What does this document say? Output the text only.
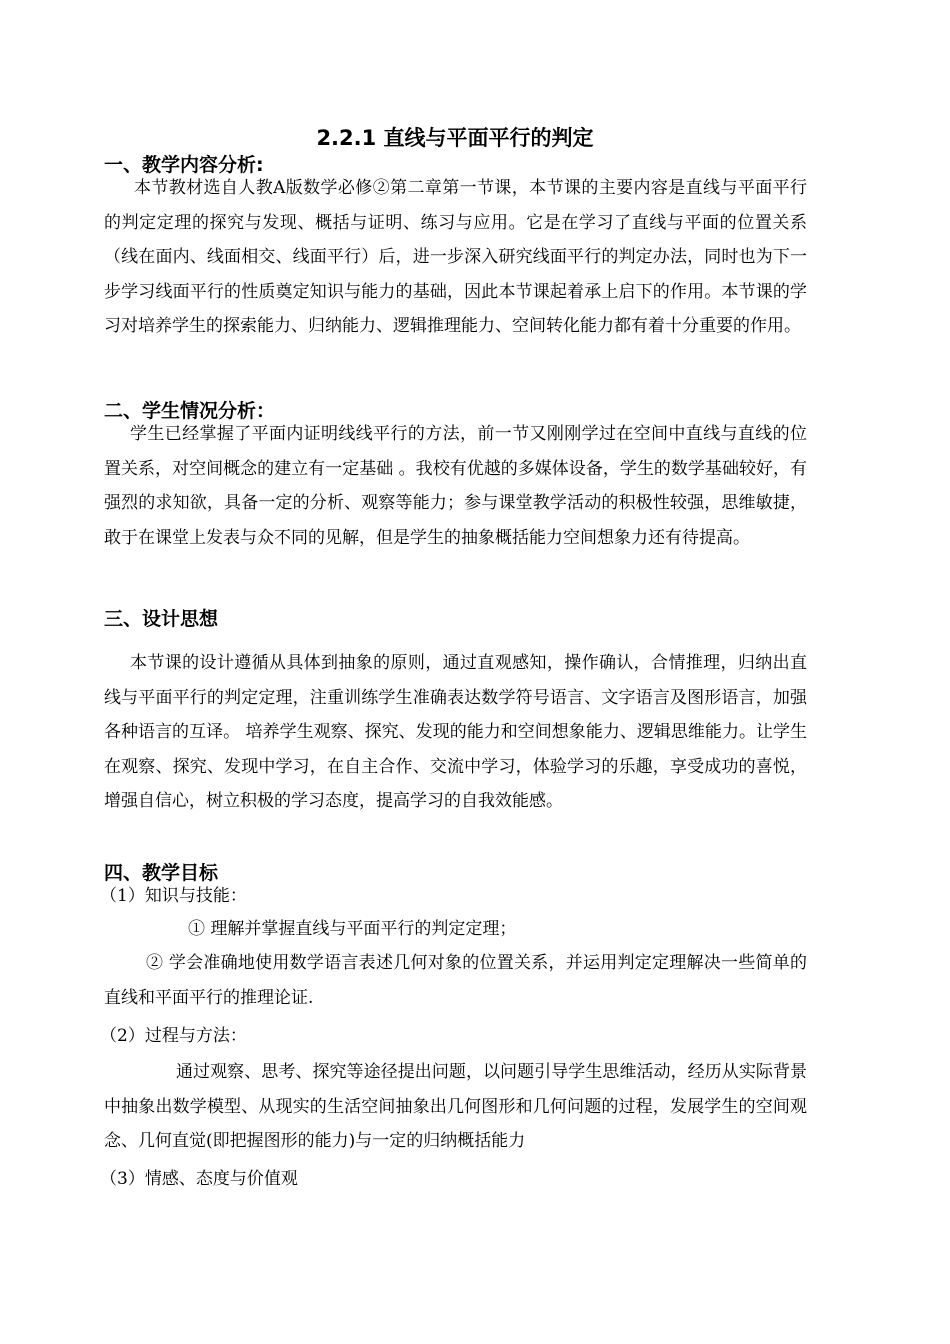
2.2.1 直线与平面平行的判定
一、教学内容分析:

本节教材选自人教A版数学必修②第二章第一节课，本节课的主要内容是直线与平面平行的判定定理的探究与发现、概括与证明、练习与应用。它是在学习了直线与平面的位置关系（线在面内、线面相交、线面平行）后，进一步深入研究线面平行的判定办法，同时也为下一步学习线面平行的性质奠定知识与能力的基础，因此本节课起着承上启下的作用。本节课的学习对培养学生的探索能力、归纳能力、逻辑推理能力、空间转化能力都有着十分重要的作用。

二、学生情况分析：

学生已经掌握了平面内证明线线平行的方法，前一节又刚刚学过在空间中直线与直线的位置关系，对空间概念的建立有一定基础 。我校有优越的多媒体设备，学生的数学基础较好，有强烈的求知欲，具备一定的分析、观察等能力；参与课堂教学活动的积极性较强，思维敏捷，敢于在课堂上发表与众不同的见解，但是学生的抽象概括能力空间想象力还有待提高。

三、设计思想

本节课的设计遵循从具体到抽象的原则，通过直观感知，操作确认，合情推理，归纳出直线与平面平行的判定定理，注重训练学生准确表达数学符号语言、文字语言及图形语言，加强各种语言的互译。 培养学生观察、探究、发现的能力和空间想象能力、逻辑思维能力。让学生在观察、探究、发现中学习，在自主合作、交流中学习，体验学习的乐趣，享受成功的喜悦，增强自信心，树立积极的学习态度，提高学习的自我效能感。

四、教学目标
（1）知识与技能：
① 理解并掌握直线与平面平行的判定定理；

② 学会准确地使用数学语言表述几何对象的位置关系，并运用判定定理解决一些简单的直线和平面平行的推理论证.

（2）过程与方法：

通过观察、思考、探究等途径提出问题，以问题引导学生思维活动，经历从实际背景中抽象出数学模型、从现实的生活空间抽象出几何图形和几何问题的过程，发展学生的空间观念、几何直觉(即把握图形的能力)与一定的归纳概括能力

（3）情感、态度与价值观
